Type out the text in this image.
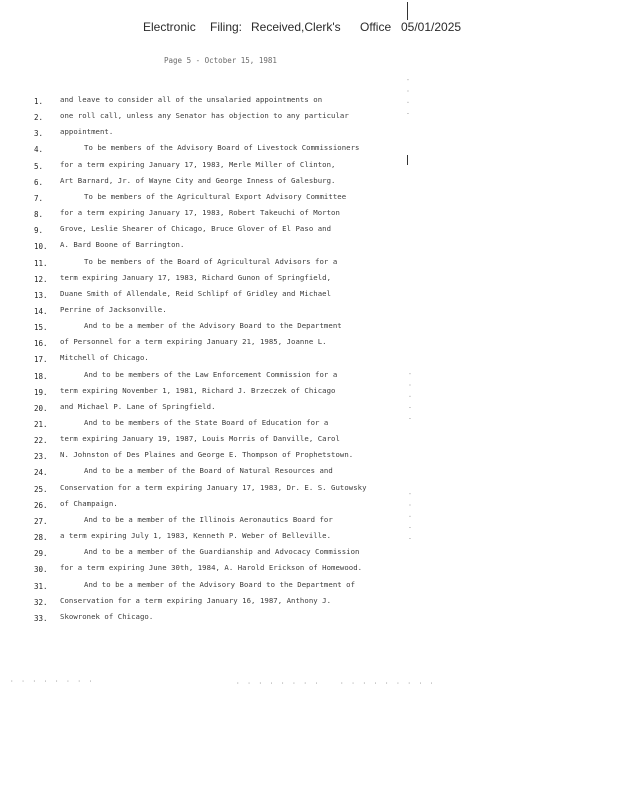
Electronic Filing: Received,Clerk's Office 05/01/2025
Page 5 - October 15, 1981
1.	and leave to consider all of the unsalaried appointments on
2.	one roll call, unless any Senator has objection to any particular
3.	appointment.
4.	To be members of the Advisory Board of Livestock Commissioners
5.	for a term expiring January 17, 1983, Merle Miller of Clinton,
6.	Art Barnard, Jr. of Wayne City and George Inness of Galesburg.
7.	To be members of the Agricultural Export Advisory Committee
8.	for a term expiring January 17, 1983, Robert Takeuchi of Morton
9.	Grove, Leslie Shearer of Chicago, Bruce Glover of El Paso and
10.	A. Bard Boone of Barrington.
11.	To be members of the Board of Agricultural Advisors for a
12.	term expiring January 17, 1983, Richard Gunon of Springfield,
13.	Duane Smith of Allendale, Reid Schlipf of Gridley and Michael
14.	Perrine of Jacksonville.
15.	And to be a member of the Advisory Board to the Department
16.	of Personnel for a term expiring January 21, 1985, Joanne L.
17.	Mitchell of Chicago.
18.	And to be members of the Law Enforcement Commission for a
19.	term expiring November 1, 1981, Richard J. Brzeczek of Chicago
20.	and Michael P. Lane of Springfield.
21.	And to be members of the State Board of Education for a
22.	term expiring January 19, 1987, Louis Morris of Danville, Carol
23.	N. Johnston of Des Plaines and George E. Thompson of Prophetstown.
24.	And to be a member of the Board of Natural Resources and
25.	Conservation for a term expiring January 17, 1983, Dr. E. S. Gutowsky
26.	of Champaign.
27.	And to be a member of the Illinois Aeronautics Board for
28.	a term expiring July 1, 1983, Kenneth P. Weber of Belleville.
29.	And to be a member of the Guardianship and Advocacy Commission
30.	for a term expiring June 30th, 1984, A. Harold Erickson of Homewood.
31.	And to be a member of the Advisory Board to the Department of
32.	Conservation for a term expiring January 16, 1987, Anthony J.
33.	Skowronek of Chicago.
· · · ·
· · · · ·
· · · · ·
· · · · · · · ·	· · · · · · · ·	· · · · · · · · ·
